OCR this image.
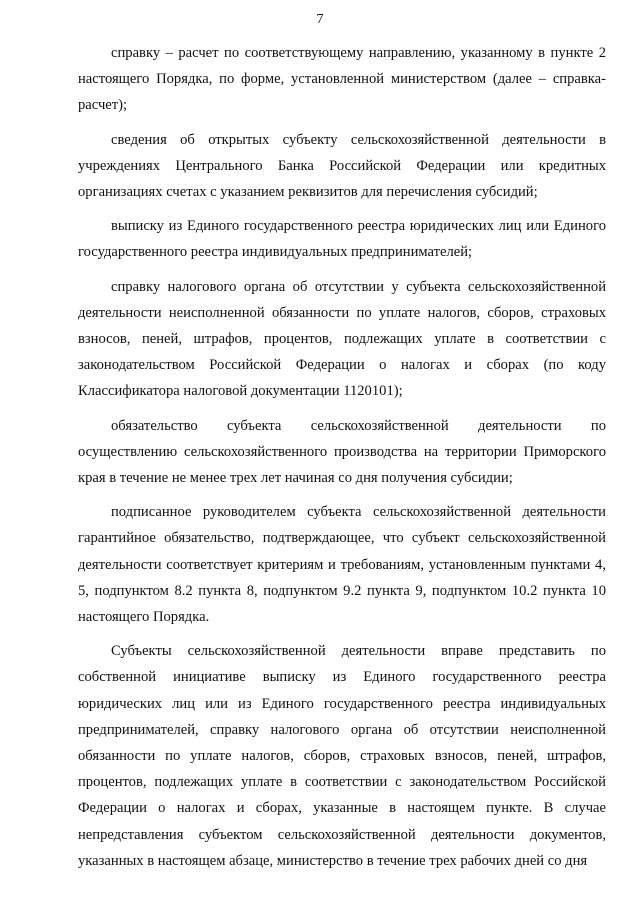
7

справку – расчет по соответствующему направлению, указанному в пункте 2 настоящего Порядка, по форме, установленной министерством (далее – справка-расчет);

сведения об открытых субъекту сельскохозяйственной деятельности в учреждениях Центрального Банка Российской Федерации или кредитных организациях счетах с указанием реквизитов для перечисления субсидий;

выписку из Единого государственного реестра юридических лиц или Единого государственного реестра индивидуальных предпринимателей;

справку налогового органа об отсутствии у субъекта сельскохозяйственной деятельности неисполненной обязанности по уплате налогов, сборов, страховых взносов, пеней, штрафов, процентов, подлежащих уплате в соответствии с законодательством Российской Федерации о налогах и сборах (по коду Классификатора налоговой документации 1120101);

обязательство субъекта сельскохозяйственной деятельности по осуществлению сельскохозяйственного производства на территории Приморского края в течение не менее трех лет начиная со дня получения субсидии;

подписанное руководителем субъекта сельскохозяйственной деятельности гарантийное обязательство, подтверждающее, что субъект сельскохозяйственной деятельности соответствует критериям и требованиям, установленным пунктами 4, 5, подпунктом 8.2 пункта 8, подпунктом 9.2 пункта 9, подпунктом 10.2 пункта 10 настоящего Порядка.

Субъекты сельскохозяйственной деятельности вправе представить по собственной инициативе выписку из Единого государственного реестра юридических лиц или из Единого государственного реестра индивидуальных предпринимателей, справку налогового органа об отсутствии неисполненной обязанности по уплате налогов, сборов, страховых взносов, пеней, штрафов, процентов, подлежащих уплате в соответствии с законодательством Российской Федерации о налогах и сборах, указанные в настоящем пункте. В случае непредставления субъектом сельскохозяйственной деятельности документов, указанных в настоящем абзаце, министерство в течение трех рабочих дней со дня
